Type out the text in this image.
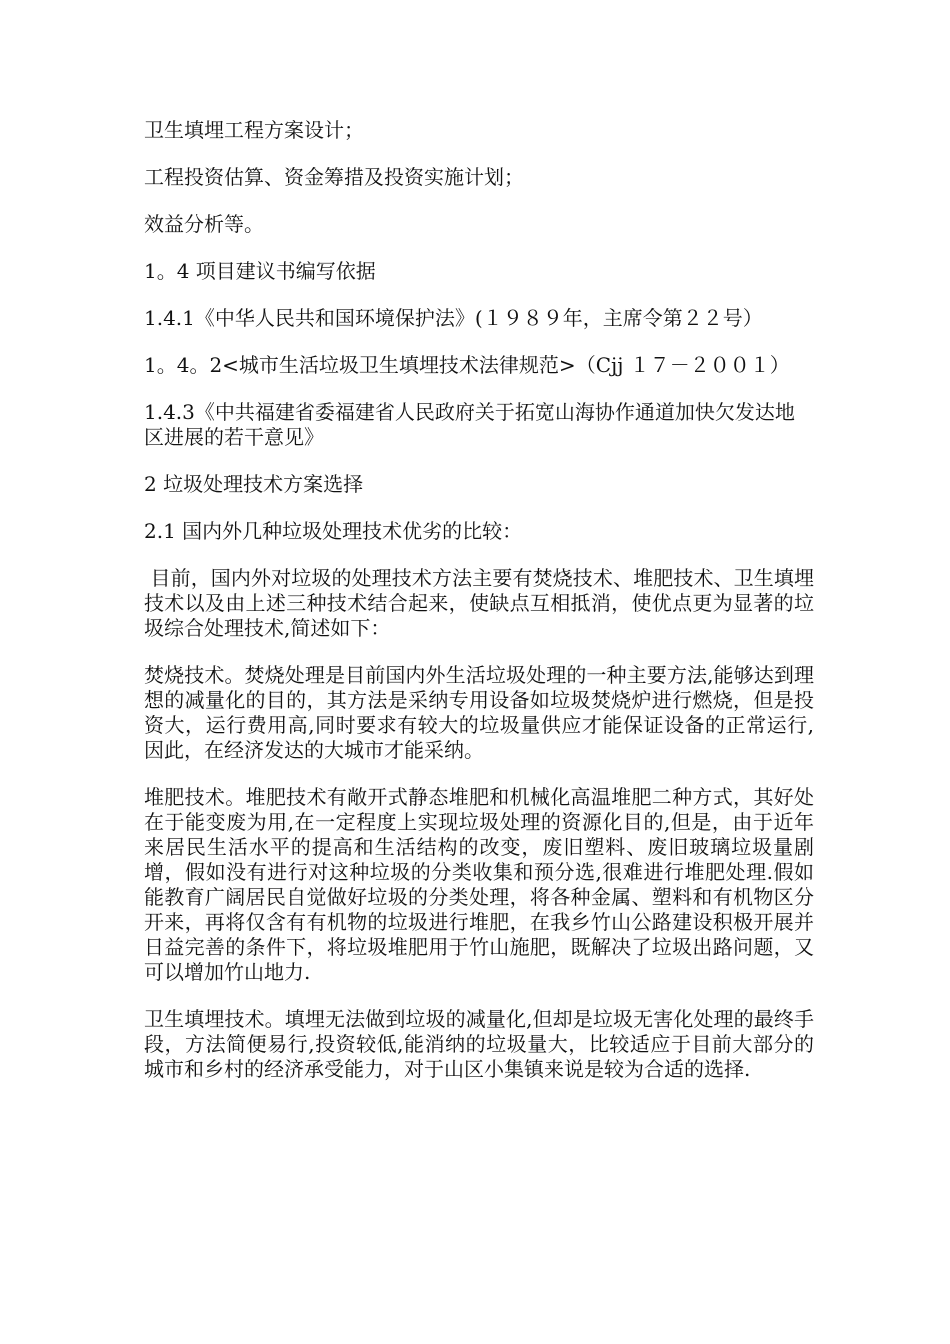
卫生填埋工程方案设计；

工程投资估算、资金筹措及投资实施计划；

效益分析等。

1。4 项目建议书编写依据

1.4.1《中华人民共和国环境保护法》(１９８９年，主席令第２２号）

1。4。2<城市生活垃圾卫生填埋技术法律规范>（Cjj １７－２００１）

1.4.3《中共福建省委福建省人民政府关于拓宽山海协作通道加快欠发达地区进展的若干意见》

2 垃圾处理技术方案选择

2.1 国内外几种垃圾处理技术优劣的比较：

目前，国内外对垃圾的处理技术方法主要有焚烧技术、堆肥技术、卫生填埋技术以及由上述三种技术结合起来，使缺点互相抵消，使优点更为显著的垃圾综合处理技术,简述如下：

焚烧技术。焚烧处理是目前国内外生活垃圾处理的一种主要方法,能够达到理想的减量化的目的，其方法是采纳专用设备如垃圾焚烧炉进行燃烧，但是投资大，运行费用高,同时要求有较大的垃圾量供应才能保证设备的正常运行,因此，在经济发达的大城市才能采纳。

堆肥技术。堆肥技术有敞开式静态堆肥和机械化高温堆肥二种方式，其好处在于能变废为用,在一定程度上实现垃圾处理的资源化目的,但是，由于近年来居民生活水平的提高和生活结构的改变，废旧塑料、废旧玻璃垃圾量剧增，假如没有进行对这种垃圾的分类收集和预分选,很难进行堆肥处理.假如能教育广阔居民自觉做好垃圾的分类处理，将各种金属、塑料和有机物区分开来，再将仅含有有机物的垃圾进行堆肥，在我乡竹山公路建设积极开展并日益完善的条件下，将垃圾堆肥用于竹山施肥，既解决了垃圾出路问题，又可以增加竹山地力.

卫生填埋技术。填埋无法做到垃圾的减量化,但却是垃圾无害化处理的最终手段，方法简便易行,投资较低,能消纳的垃圾量大，比较适应于目前大部分的城市和乡村的经济承受能力，对于山区小集镇来说是较为合适的选择.
